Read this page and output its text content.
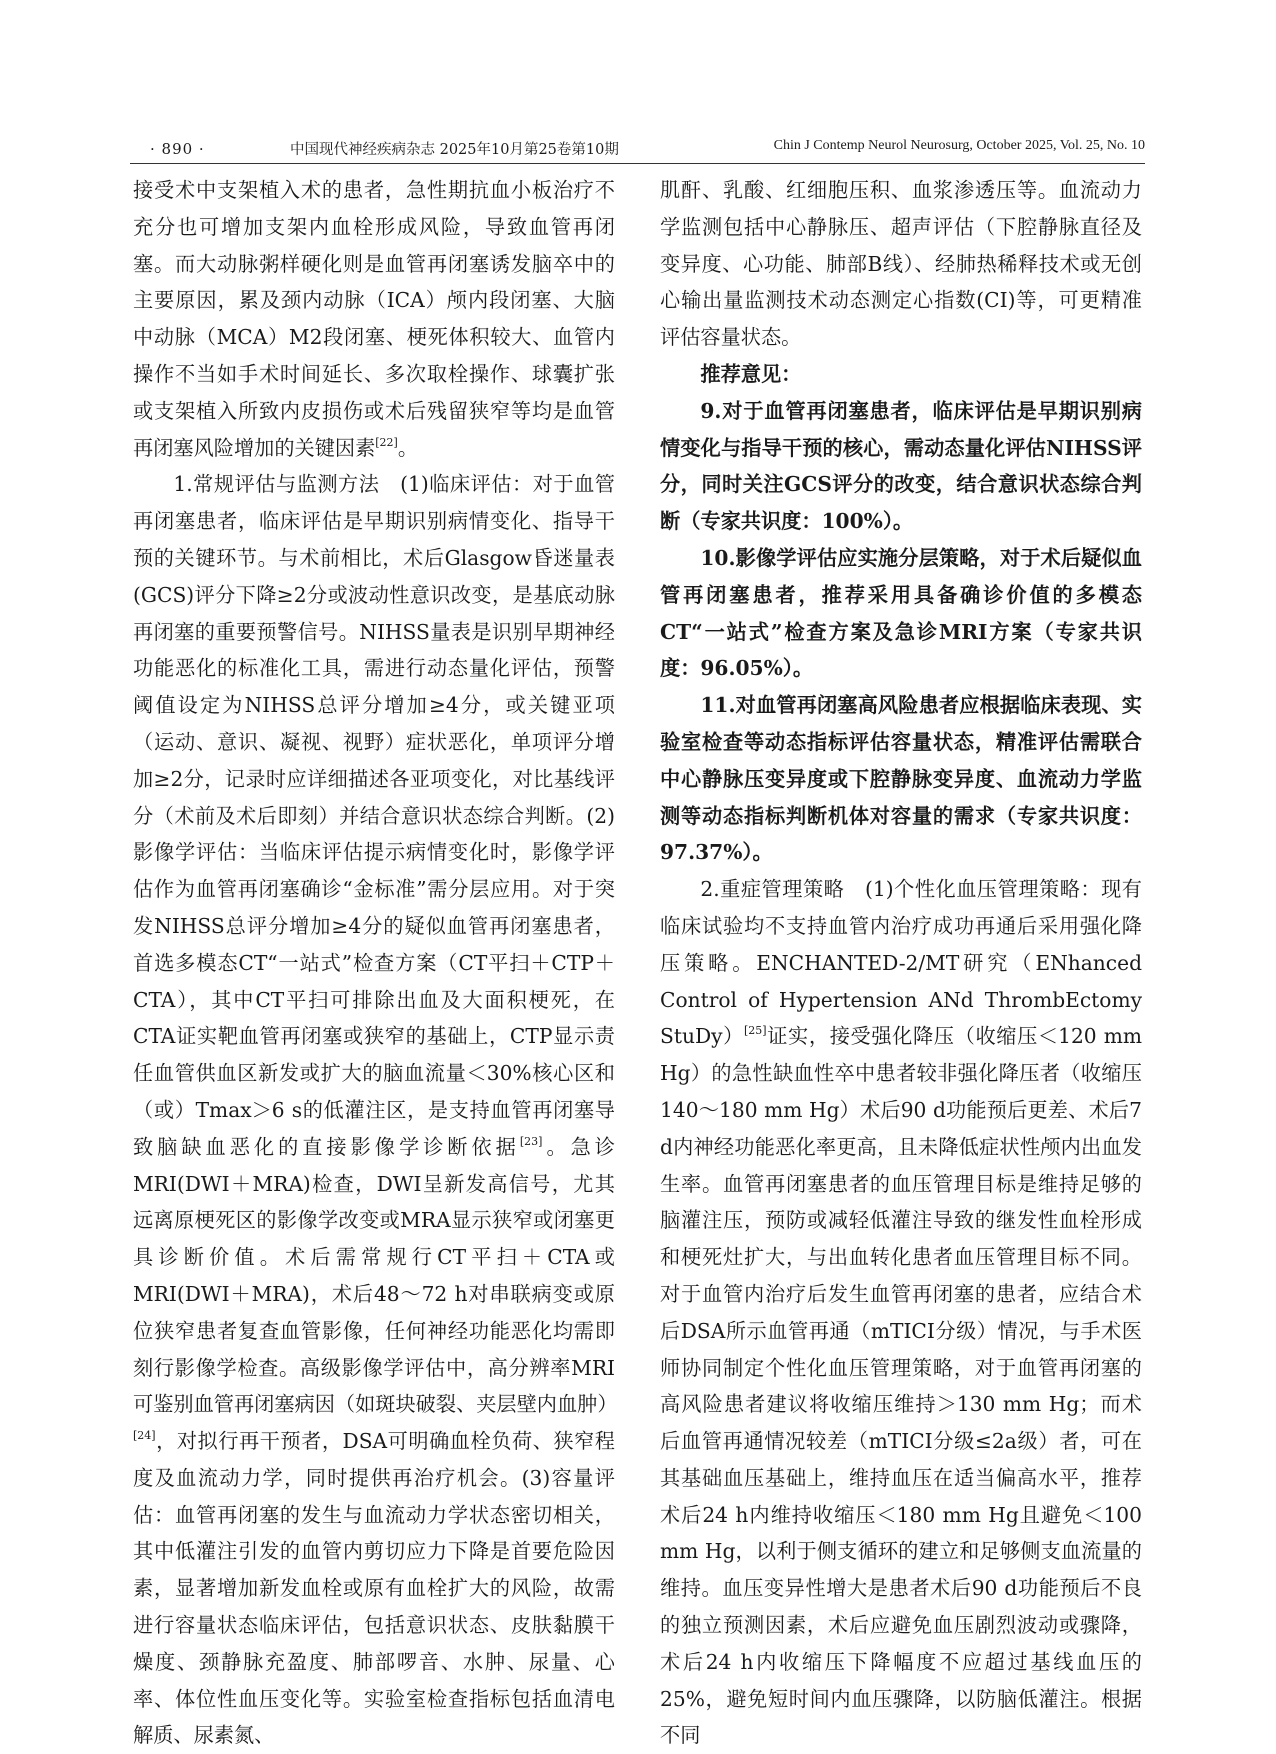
· 890 ·	中国现代神经疾病杂志 2025年10月第25卷第10期	Chin J Contemp Neurol Neurosurg, October 2025, Vol. 25, No. 10

接受术中支架植入术的患者，急性期抗血小板治疗不充分也可增加支架内血栓形成风险，导致血管再闭塞。而大动脉粥样硬化则是血管再闭塞诱发脑卒中的主要原因，累及颈内动脉（ICA）颅内段闭塞、大脑中动脉（MCA）M2段闭塞、梗死体积较大、血管内操作不当如手术时间延长、多次取栓操作、球囊扩张或支架植入所致内皮损伤或术后残留狭窄等均是血管再闭塞风险增加的关键因素[22]。

1.常规评估与监测方法　(1)临床评估：对于血管再闭塞患者，临床评估是早期识别病情变化、指导干预的关键环节。与术前相比，术后Glasgow昏迷量表(GCS)评分下降≥2分或波动性意识改变，是基底动脉再闭塞的重要预警信号。NIHSS量表是识别早期神经功能恶化的标准化工具，需进行动态量化评估，预警阈值设定为NIHSS总评分增加≥4分，或关键亚项（运动、意识、凝视、视野）症状恶化，单项评分增加≥2分，记录时应详细描述各亚项变化，对比基线评分（术前及术后即刻）并结合意识状态综合判断。(2)影像学评估：当临床评估提示病情变化时，影像学评估作为血管再闭塞确诊“金标准”需分层应用。对于突发NIHSS总评分增加≥4分的疑似血管再闭塞患者，首选多模态CT“一站式”检查方案（CT平扫＋CTP＋CTA），其中CT平扫可排除出血及大面积梗死，在CTA证实靶血管再闭塞或狭窄的基础上，CTP显示责任血管供血区新发或扩大的脑血流量＜30%核心区和（或）Tmax＞6 s的低灌注区，是支持血管再闭塞导致脑缺血恶化的直接影像学诊断依据[23]。急诊MRI(DWI＋MRA)检查，DWI呈新发高信号，尤其远离原梗死区的影像学改变或MRA显示狭窄或闭塞更具诊断价值。术后需常规行CT平扫＋CTA或MRI(DWI＋MRA)，术后48～72 h对串联病变或原位狭窄患者复查血管影像，任何神经功能恶化均需即刻行影像学检查。高级影像学评估中，高分辨率MRI可鉴别血管再闭塞病因（如斑块破裂、夹层壁内血肿）[24]，对拟行再干预者，DSA可明确血栓负荷、狭窄程度及血流动力学，同时提供再治疗机会。(3)容量评估：血管再闭塞的发生与血流动力学状态密切相关，其中低灌注引发的血管内剪切应力下降是首要危险因素，显著增加新发血栓或原有血栓扩大的风险，故需进行容量状态临床评估，包括意识状态、皮肤黏膜干燥度、颈静脉充盈度、肺部啰音、水肿、尿量、心率、体位性血压变化等。实验室检查指标包括血清电解质、尿素氮、

肌酐、乳酸、红细胞压积、血浆渗透压等。血流动力学监测包括中心静脉压、超声评估（下腔静脉直径及变异度、心功能、肺部B线）、经肺热稀释技术或无创心输出量监测技术动态测定心指数(CI)等，可更精准评估容量状态。

推荐意见：

9.对于血管再闭塞患者，临床评估是早期识别病情变化与指导干预的核心，需动态量化评估NIHSS评分，同时关注GCS评分的改变，结合意识状态综合判断（专家共识度：100%）。

10.影像学评估应实施分层策略，对于术后疑似血管再闭塞患者，推荐采用具备确诊价值的多模态CT“一站式”检查方案及急诊MRI方案（专家共识度：96.05%）。

11.对血管再闭塞高风险患者应根据临床表现、实验室检查等动态指标评估容量状态，精准评估需联合中心静脉压变异度或下腔静脉变异度、血流动力学监测等动态指标判断机体对容量的需求（专家共识度：97.37%）。

2.重症管理策略　(1)个性化血压管理策略：现有临床试验均不支持血管内治疗成功再通后采用强化降压策略。ENCHANTED-2/MT研究（ENhanced Control of Hypertension ANd ThrombEctomy StuDy）[25]证实，接受强化降压（收缩压＜120 mm Hg）的急性缺血性卒中患者较非强化降压者（收缩压140～180 mm Hg）术后90 d功能预后更差、术后7 d内神经功能恶化率更高，且未降低症状性颅内出血发生率。血管再闭塞患者的血压管理目标是维持足够的脑灌注压，预防或减轻低灌注导致的继发性血栓形成和梗死灶扩大，与出血转化患者血压管理目标不同。对于血管内治疗后发生血管再闭塞的患者，应结合术后DSA所示血管再通（mTICI分级）情况，与手术医师协同制定个性化血压管理策略，对于血管再闭塞的高风险患者建议将收缩压维持＞130 mm Hg；而术后血管再通情况较差（mTICI分级≤2a级）者，可在其基础血压基础上，维持血压在适当偏高水平，推荐术后24 h内维持收缩压＜180 mm Hg且避免＜100 mm Hg，以利于侧支循环的建立和足够侧支血流量的维持。血压变异性增大是患者术后90 d功能预后不良的独立预测因素，术后应避免血压剧烈波动或骤降，术后24 h内收缩压下降幅度不应超过基线血压的25%，避免短时间内血压骤降，以防脑低灌注。根据不同
